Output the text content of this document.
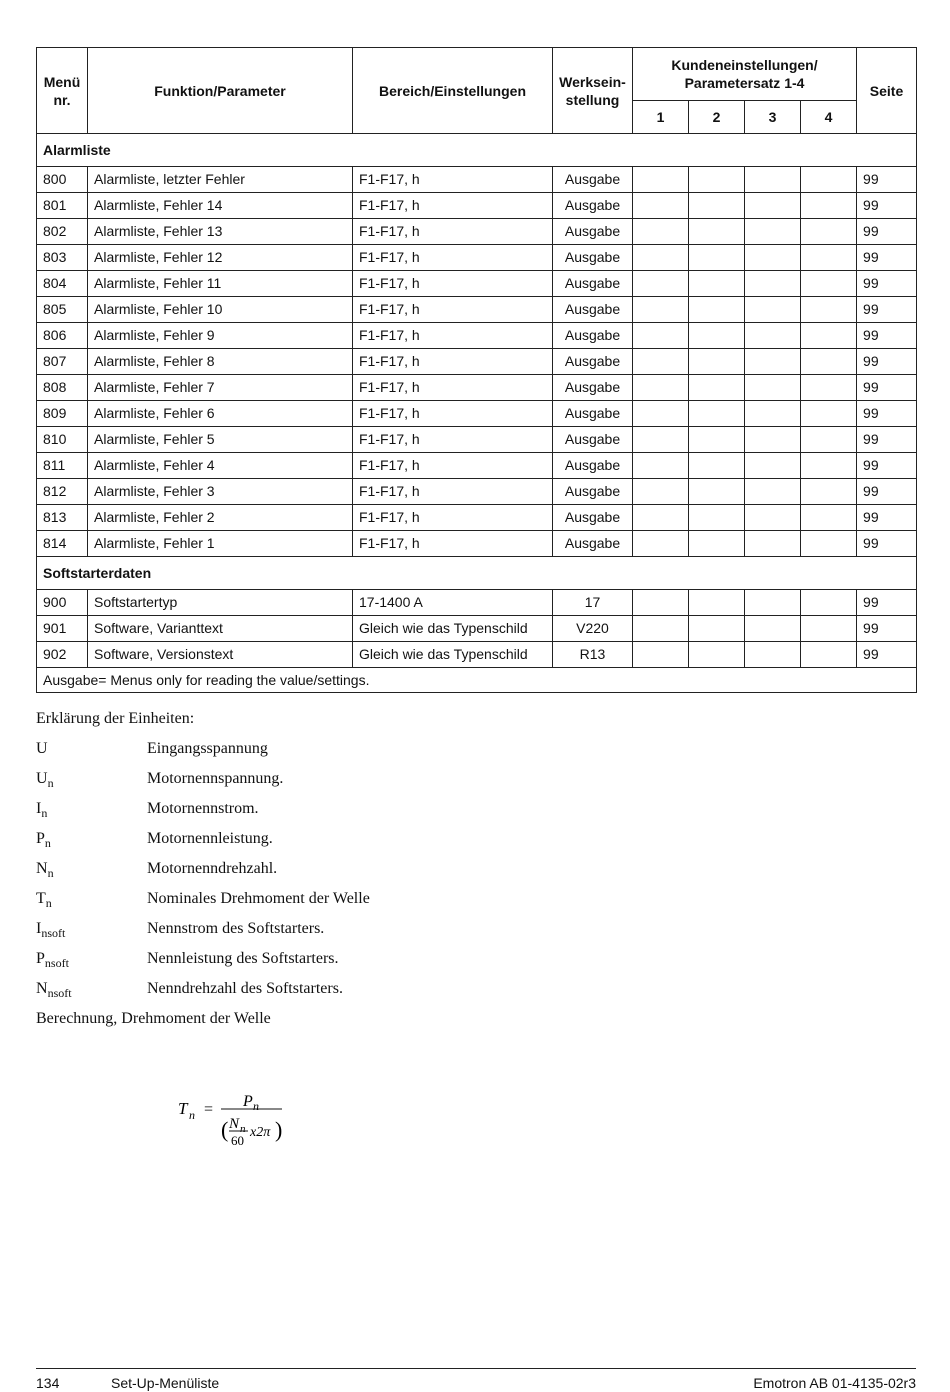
Menü nr.	Funktion/Parameter	Bereich/Einstellungen	Werksein-stellung	Kundeneinstellungen/ Parametersatz 1-4				Seite
				1	2	3	4	
Alarmliste								
800	Alarmliste, letzter Fehler	F1-F17, h	Ausgabe					99
801	Alarmliste, Fehler 14	F1-F17, h	Ausgabe					99
802	Alarmliste, Fehler 13	F1-F17, h	Ausgabe					99
803	Alarmliste, Fehler 12	F1-F17, h	Ausgabe					99
804	Alarmliste, Fehler 11	F1-F17, h	Ausgabe					99
805	Alarmliste, Fehler 10	F1-F17, h	Ausgabe					99
806	Alarmliste, Fehler 9	F1-F17, h	Ausgabe					99
807	Alarmliste, Fehler 8	F1-F17, h	Ausgabe					99
808	Alarmliste, Fehler 7	F1-F17, h	Ausgabe					99
809	Alarmliste, Fehler 6	F1-F17, h	Ausgabe					99
810	Alarmliste, Fehler 5	F1-F17, h	Ausgabe					99
811	Alarmliste, Fehler 4	F1-F17, h	Ausgabe					99
812	Alarmliste, Fehler 3	F1-F17, h	Ausgabe					99
813	Alarmliste, Fehler 2	F1-F17, h	Ausgabe					99
814	Alarmliste, Fehler 1	F1-F17, h	Ausgabe					99
Softstarterdaten								
900	Softstartertyp	17-1400 A	17					99
901	Software, Varianttext	Gleich wie das Typenschild	V220					99
902	Software, Versionstext	Gleich wie das Typenschild	R13					99
Ausgabe= Menus only for reading the value/settings.								
Erklärung der Einheiten:
U	Eingangsspannung
$U_n$	Motornennspannung.
$I_n$	Motornennstrom.
$P_n$	Motornennleistung.
$N_n$	Motornenndrehzahl.
$T_n$	Nominales Drehmoment der Welle
$I_{nsoft}$	Nennstrom des Softstarters.
$P_{nsoft}$	Nennleistung des Softstarters.
$N_{nsoft}$	Nenndrehzahl des Softstarters.
Berechnung, Drehmoment der Welle
T n = P n
( N n
60
x2π )
134	Set-Up-Menüliste	Emotron AB 01-4135-02r3
